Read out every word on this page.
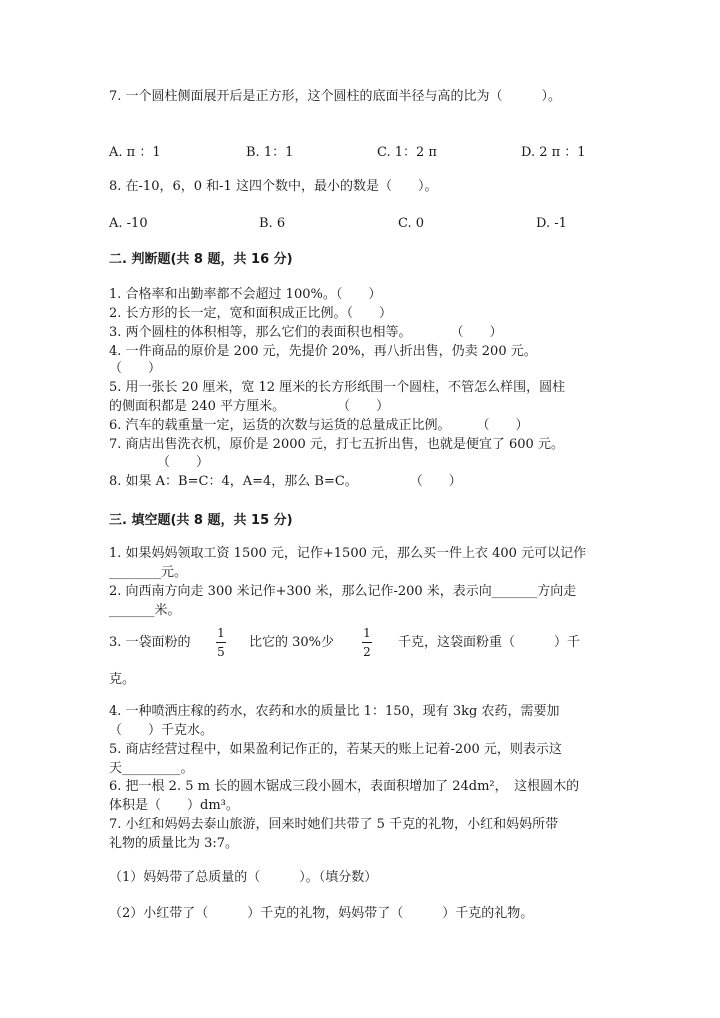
7. 一个圆柱侧面展开后是正方形，这个圆柱的底面半径与高的比为（　　　）。
A. π ：1	B. 1：1	C. 1：2 π	D. 2 π ：1
8. 在-10，6，0 和-1 这四个数中，最小的数是（　　）。
A. -10	B. 6	C. 0	D. -1
二. 判断题(共 8 题，共 16 分)
1. 合格率和出勤率都不会超过 100%。（　　）
2. 长方形的长一定，宽和面积成正比例。（　　）
3. 两个圆柱的体积相等，那么它们的表面积也相等。　　　　（　　）
4. 一件商品的原价是 200 元，先提价 20%，再八折出售，仍卖 200 元。
（　　）
5. 用一张长 20 厘米，宽 12 厘米的长方形纸围一个圆柱，不管怎么样围，圆柱
的侧面积都是 240 平方厘米。　　　　　（　　）
6. 汽车的载重量一定，运货的次数与运货的总量成正比例。　　　（　　）
7. 商店出售洗衣机，原价是 2000 元，打七五折出售，也就是便宜了 600 元。
（　　）
8. 如果 A：B=C：4，A=4，那么 B=C。　　　　　（　　）
三. 填空题(共 8 题，共 15 分)
1. 如果妈妈领取工资 1500 元，记作+1500 元，那么买一件上衣 400 元可以记作
________元。
2. 向西南方向走 300 米记作+300 米，那么记作-200 米，表示向_______方向走
_______米。
3. 一袋面粉的
1
5
比它的 30%少
1
2
千克，这袋面粉重（　　　）千
克。
4. 一种喷洒庄稼的药水，农药和水的质量比 1：150，现有 3kg 农药，需要加
（　　）千克水。
5. 商店经营过程中，如果盈利记作正的，若某天的账上记着-200 元，则表示这
天_________。
6. 把一根 2. 5 m 长的圆木锯成三段小圆木，表面积增加了 24dm²，　这根圆木的
体积是（　　）dm³。
7. 小红和妈妈去泰山旅游，回来时她们共带了 5 千克的礼物，小红和妈妈所带
礼物的质量比为 3:7。
（1）妈妈带了总质量的（　　　）。（填分数）
（2）小红带了（　　　）千克的礼物，妈妈带了（　　　）千克的礼物。
